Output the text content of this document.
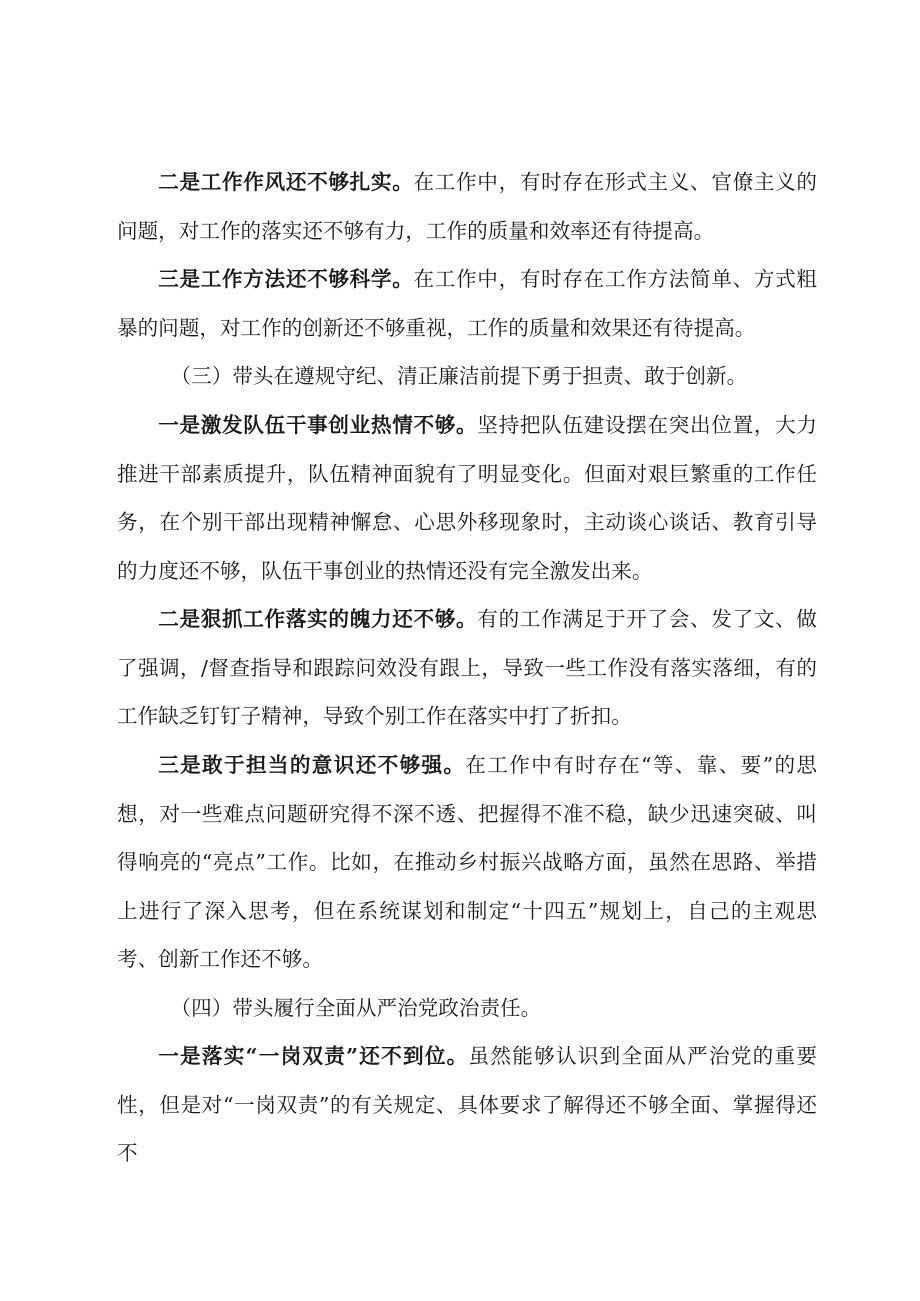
二是工作作风还不够扎实。在工作中，有时存在形式主义、官僚主义的问题，对工作的落实还不够有力，工作的质量和效率还有待提高。

三是工作方法还不够科学。在工作中，有时存在工作方法简单、方式粗暴的问题，对工作的创新还不够重视，工作的质量和效果还有待提高。

（三）带头在遵规守纪、清正廉洁前提下勇于担责、敢于创新。

一是激发队伍干事创业热情不够。坚持把队伍建设摆在突出位置，大力推进干部素质提升，队伍精神面貌有了明显变化。但面对艰巨繁重的工作任务，在个别干部出现精神懈怠、心思外移现象时，主动谈心谈话、教育引导的力度还不够，队伍干事创业的热情还没有完全激发出来。

二是狠抓工作落实的魄力还不够。有的工作满足于开了会、发了文、做了强调，/督查指导和跟踪问效没有跟上，导致一些工作没有落实落细，有的工作缺乏钉钉子精神，导致个别工作在落实中打了折扣。

三是敢于担当的意识还不够强。在工作中有时存在“等、靠、要”的思想，对一些难点问题研究得不深不透、把握得不准不稳，缺少迅速突破、叫得响亮的“亮点”工作。比如，在推动乡村振兴战略方面，虽然在思路、举措上进行了深入思考，但在系统谋划和制定“十四五”规划上，自己的主观思考、创新工作还不够。

（四）带头履行全面从严治党政治责任。

一是落实“一岗双责”还不到位。虽然能够认识到全面从严治党的重要性，但是对“一岗双责”的有关规定、具体要求了解得还不够全面、掌握得还不
